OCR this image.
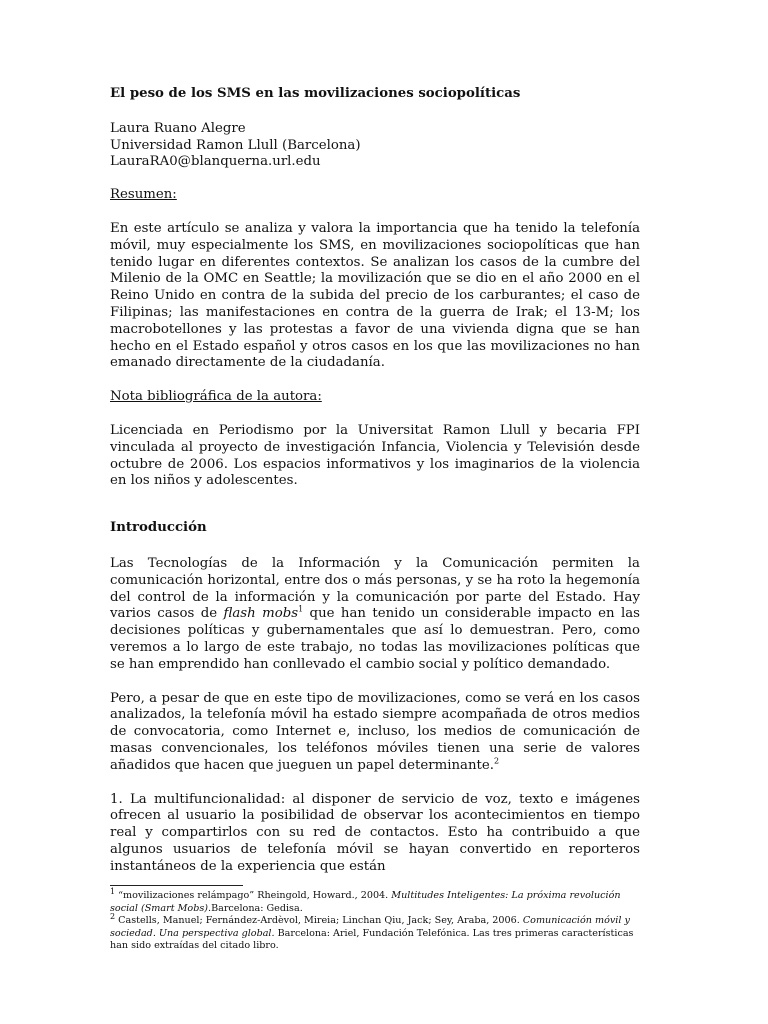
El peso de los SMS en las movilizaciones sociopolíticas

Laura Ruano Alegre

Universidad Ramon Llull (Barcelona)

LauraRA0@blanquerna.url.edu

Resumen:

En este artículo se analiza y valora la importancia que ha tenido la telefonía móvil, muy especialmente los SMS, en movilizaciones sociopolíticas que han tenido lugar en diferentes contextos. Se analizan los casos de la cumbre del Milenio de la OMC en Seattle; la movilización que se dio en el año 2000 en el Reino Unido en contra de la subida del precio de los carburantes; el caso de Filipinas; las manifestaciones en contra de la guerra de Irak; el 13-M; los macrobotellones y las protestas a favor de una vivienda digna que se han hecho en el Estado español y otros casos en los que las movilizaciones no han emanado directamente de la ciudadanía.

Nota bibliográfica de la autora:

Licenciada en Periodismo por la Universitat Ramon Llull y becaria FPI vinculada al proyecto de investigación Infancia, Violencia y Televisión desde octubre de 2006. Los espacios informativos y los imaginarios de la violencia en los niños y adolescentes.

Introducción

Las Tecnologías de la Información y la Comunicación permiten la comunicación horizontal, entre dos o más personas, y se ha roto la hegemonía del control de la información y la comunicación por parte del Estado. Hay varios casos de flash mobs$^1$ que han tenido un considerable impacto en las decisiones políticas y gubernamentales que así lo demuestran. Pero, como veremos a lo largo de este trabajo, no todas las movilizaciones políticas que se han emprendido han conllevado el cambio social y político demandado.

Pero, a pesar de que en este tipo de movilizaciones, como se verá en los casos analizados, la telefonía móvil ha estado siempre acompañada de otros medios de convocatoria, como Internet e, incluso, los medios de comunicación de masas convencionales, los teléfonos móviles tienen una serie de valores añadidos que hacen que jueguen un papel determinante.$^2$

1. La multifuncionalidad: al disponer de servicio de voz, texto e imágenes ofrecen al usuario la posibilidad de observar los acontecimientos en tiempo real y compartirlos con su red de contactos. Esto ha contribuido a que algunos usuarios de telefonía móvil se hayan convertido en reporteros instantáneos de la experiencia que están

$^1$ “movilizaciones relámpago” Rheingold, Howard., 2004. Multitudes Inteligentes: La próxima revolución social (Smart Mobs).Barcelona: Gedisa.

$^2$ Castells, Manuel; Fernández-Ardèvol, Mireia; Linchan Qiu, Jack; Sey, Araba, 2006. Comunicación móvil y sociedad. Una perspectiva global. Barcelona: Ariel, Fundación Telefónica. Las tres primeras características han sido extraídas del citado libro.
